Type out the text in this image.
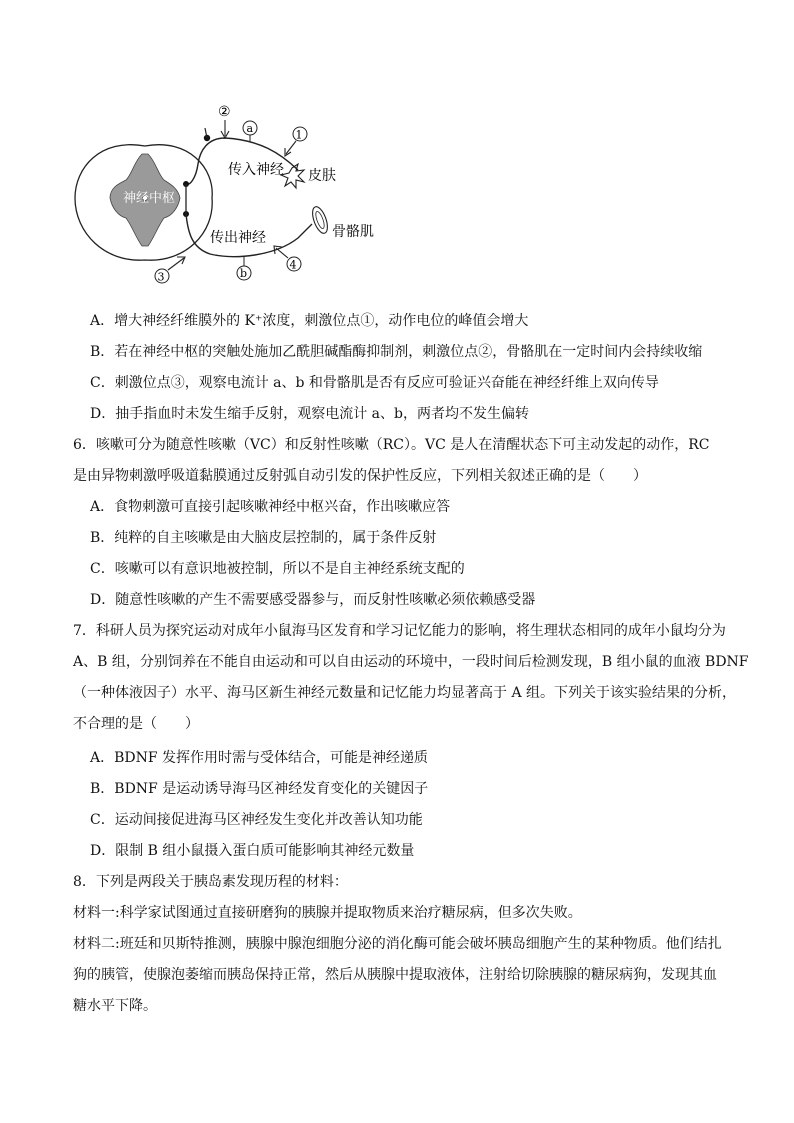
神经中枢
皮肤
骨骼肌
传入神经
传出神经
②
a	1
b
3
4
A．增大神经纤维膜外的 K⁺浓度，刺激位点①，动作电位的峰值会增大
B．若在神经中枢的突触处施加乙酰胆碱酯酶抑制剂，刺激位点②，骨骼肌在一定时间内会持续收缩
C．刺激位点③，观察电流计 a、b 和骨骼肌是否有反应可验证兴奋能在神经纤维上双向传导
D．抽手指血时未发生缩手反射，观察电流计 a、b，两者均不发生偏转
6．咳嗽可分为随意性咳嗽（VC）和反射性咳嗽（RC）。VC 是人在清醒状态下可主动发起的动作，RC
是由异物刺激呼吸道黏膜通过反射弧自动引发的保护性反应，下列相关叙述正确的是（　　）
A．食物刺激可直接引起咳嗽神经中枢兴奋，作出咳嗽应答
B．纯粹的自主咳嗽是由大脑皮层控制的，属于条件反射
C．咳嗽可以有意识地被控制，所以不是自主神经系统支配的
D．随意性咳嗽的产生不需要感受器参与，而反射性咳嗽必须依赖感受器
7．科研人员为探究运动对成年小鼠海马区发育和学习记忆能力的影响，将生理状态相同的成年小鼠均分为
A、B 组，分别饲养在不能自由运动和可以自由运动的环境中，一段时间后检测发现，B 组小鼠的血液 BDNF
（一种体液因子）水平、海马区新生神经元数量和记忆能力均显著高于 A 组。下列关于该实验结果的分析，
不合理的是（　　）
A．BDNF 发挥作用时需与受体结合，可能是神经递质
B．BDNF 是运动诱导海马区神经发育变化的关键因子
C．运动间接促进海马区神经发生变化并改善认知功能
D．限制 B 组小鼠摄入蛋白质可能影响其神经元数量
8．下列是两段关于胰岛素发现历程的材料：
材料一:科学家试图通过直接研磨狗的胰腺并提取物质来治疗糖尿病，但多次失败。
材料二:班廷和贝斯特推测，胰腺中腺泡细胞分泌的消化酶可能会破坏胰岛细胞产生的某种物质。他们结扎
狗的胰管，使腺泡萎缩而胰岛保持正常，然后从胰腺中提取液体，注射给切除胰腺的糖尿病狗，发现其血
糖水平下降。
